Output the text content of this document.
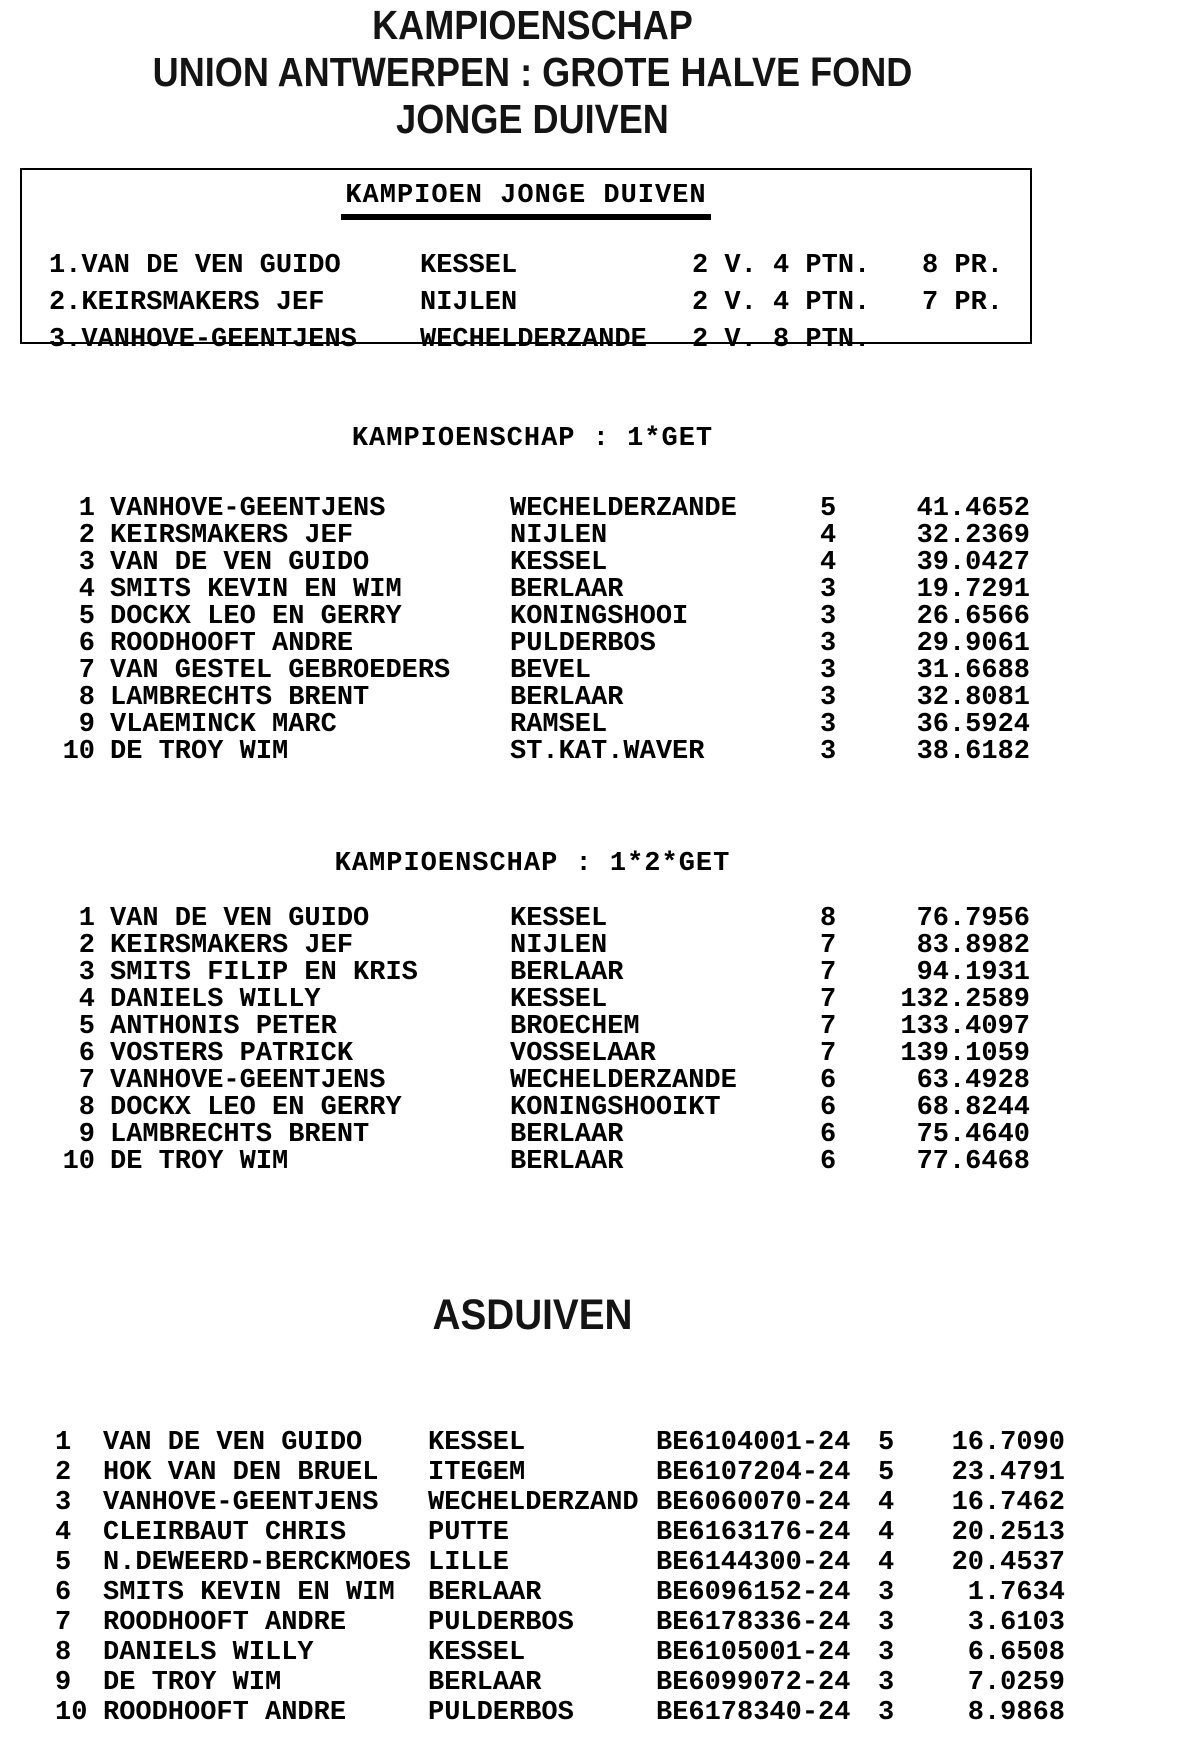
KAMPIOENSCHAP
UNION ANTWERPEN : GROTE HALVE FOND
JONGE DUIVEN
KAMPIOEN JONGE DUIVEN
1.VAN DE VEN GUIDO	KESSEL	2 V. 4 PTN.	8 PR.
2.KEIRSMAKERS JEF	NIJLEN	2 V. 4 PTN.	7 PR.
3.VANHOVE-GEENTJENS	WECHELDERZANDE	2 V. 8 PTN.
KAMPIOENSCHAP : 1*GET
1 VANHOVE-GEENTJENS	WECHELDERZANDE	5	41.4652
2 KEIRSMAKERS JEF	NIJLEN	4	32.2369
3 VAN DE VEN GUIDO	KESSEL	4	39.0427
4 SMITS KEVIN EN WIM	BERLAAR	3	19.7291
5 DOCKX LEO EN GERRY	KONINGSHOOI	3	26.6566
6 ROODHOOFT ANDRE	PULDERBOS	3	29.9061
7 VAN GESTEL GEBROEDERS	BEVEL	3	31.6688
8 LAMBRECHTS BRENT	BERLAAR	3	32.8081
9 VLAEMINCK MARC	RAMSEL	3	36.5924
10 DE TROY WIM	ST.KAT.WAVER	3	38.6182
KAMPIOENSCHAP : 1*2*GET
1 VAN DE VEN GUIDO	KESSEL	8	76.7956
2 KEIRSMAKERS JEF	NIJLEN	7	83.8982
3 SMITS FILIP EN KRIS	BERLAAR	7	94.1931
4 DANIELS WILLY	KESSEL	7	132.2589
5 ANTHONIS PETER	BROECHEM	7	133.4097
6 VOSTERS PATRICK	VOSSELAAR	7	139.1059
7 VANHOVE-GEENTJENS	WECHELDERZANDE	6	63.4928
8 DOCKX LEO EN GERRY	KONINGSHOOIKT	6	68.8244
9 LAMBRECHTS BRENT	BERLAAR	6	75.4640
10 DE TROY WIM	BERLAAR	6	77.6468
ASDUIVEN
1	VAN DE VEN GUIDO	KESSEL	BE6104001-24	5	16.7090
2	HOK VAN DEN BRUEL	ITEGEM	BE6107204-24	5	23.4791
3	VANHOVE-GEENTJENS	WECHELDERZAND BE6060070-24	4	16.7462
4	CLEIRBAUT CHRIS	PUTTE	BE6163176-24	4	20.2513
5	N.DEWEERD-BERCKMOES LILLE	BE6144300-24	4	20.4537
6	SMITS KEVIN EN WIM	BERLAAR	BE6096152-24	3	1.7634
7	ROODHOOFT ANDRE	PULDERBOS	BE6178336-24	3	3.6103
8	DANIELS WILLY	KESSEL	BE6105001-24	3	6.6508
9	DE TROY WIM	BERLAAR	BE6099072-24	3	7.0259
10 ROODHOOFT ANDRE	PULDERBOS	BE6178340-24	3	8.9868
